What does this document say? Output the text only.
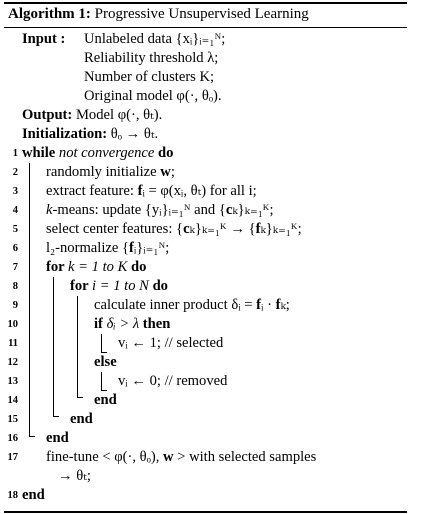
Algorithm 1: Progressive Unsupervised Learning
Input : Unlabeled data {xᵢ}ᵢ₌₁ᴺ;
Reliability threshold λ;
Number of clusters K;
Original model φ(·, θₒ).
Output: Model φ(·, θₜ).
Initialization: θₒ → θₜ.
1 while not convergence do
2 randomly initialize w;
3 extract feature: fᵢ = φ(xᵢ, θₜ) for all i;
4 k-means: update {yᵢ}ᵢ₌₁ᴺ and {cₖ}ₖ₌₁ᴷ;
5 select center features: {cₖ}ₖ₌₁ᴷ → {fₖ}ₖ₌₁ᴷ;
6 l₂-normalize {fᵢ}ᵢ₌₁ᴺ;
7 for k = 1 to K do
8	for i = 1 to N do
9	calculate inner product δᵢ = fᵢ · fₖ;
10	if δᵢ > λ then
11	vᵢ ← 1; // selected
12	else
13	vᵢ ← 0; // removed
14	end
15	end
16 end
17 fine-tune < φ(·, θₒ), w > with selected samples
→ θₜ;
18 end
